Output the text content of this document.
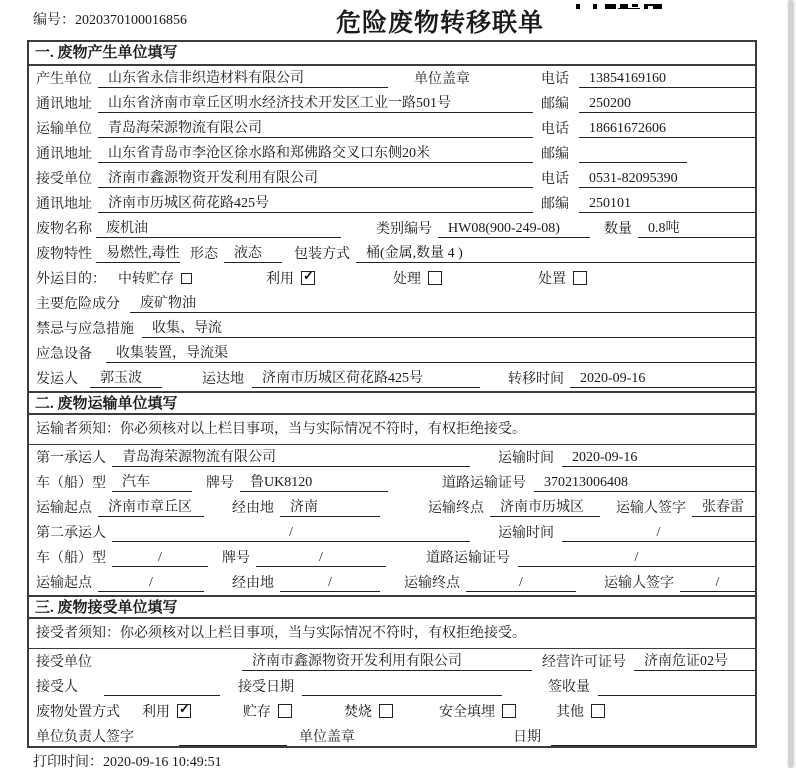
编号：2020370100016856	危险废物转移联单
一. 废物产生单位填写
产生单位	山东省永信非织造材料有限公司	单位盖章	电话	13854169160
通讯地址	山东省济南市章丘区明水经济技术开发区工业一路501号	邮编	250200
运输单位	青岛海荣源物流有限公司	电话	18661672606
通讯地址	山东省青岛市李沧区徐水路和郑佛路交叉口东侧20米	邮编
接受单位	济南市鑫源物资开发利用有限公司	电话	0531-82095390
通讯地址	济南市历城区荷花路425号	邮编	250101
废物名称	废机油	类别编号	HW08(900-249-08)	数量	0.8吨
废物特性	易燃性,毒性 形态	液态	包装方式	桶(金属,数量 4 )
外运目的： 中转贮存	利用 ✓	处理	处置
主要危险成分	废矿物油
禁忌与应急措施	收集、导流
应急设备	收集装置，导流渠
发运人	郭玉波	运达地	济南市历城区荷花路425号	转移时间	2020-09-16
二. 废物运输单位填写
运输者须知：你必须核对以上栏目事项，当与实际情况不符时，有权拒绝接受。
第一承运人	青岛海荣源物流有限公司	运输时间	2020-09-16
车（船）型	汽车	牌号	鲁UK8120	道路运输证号	370213006408
运输起点	济南市章丘区	经由地	济南	运输终点	济南市历城区	运输人签字	张春雷
第二承运人	/	运输时间	/
车（船）型	/	牌号	/	道路运输证号	/
运输起点	/	经由地	/	运输终点	/	运输人签字	/
三. 废物接受单位填写
接受者须知：你必须核对以上栏目事项，当与实际情况不符时，有权拒绝接受。
接受单位	济南市鑫源物资开发利用有限公司	经营许可证号	济南危证02号
接受人	接受日期	签收量
废物处置方式 利用 ✓	贮存	焚烧	安全填埋	其他
单位负责人签字	单位盖章	日期
打印时间：2020-09-16 10:49:51
